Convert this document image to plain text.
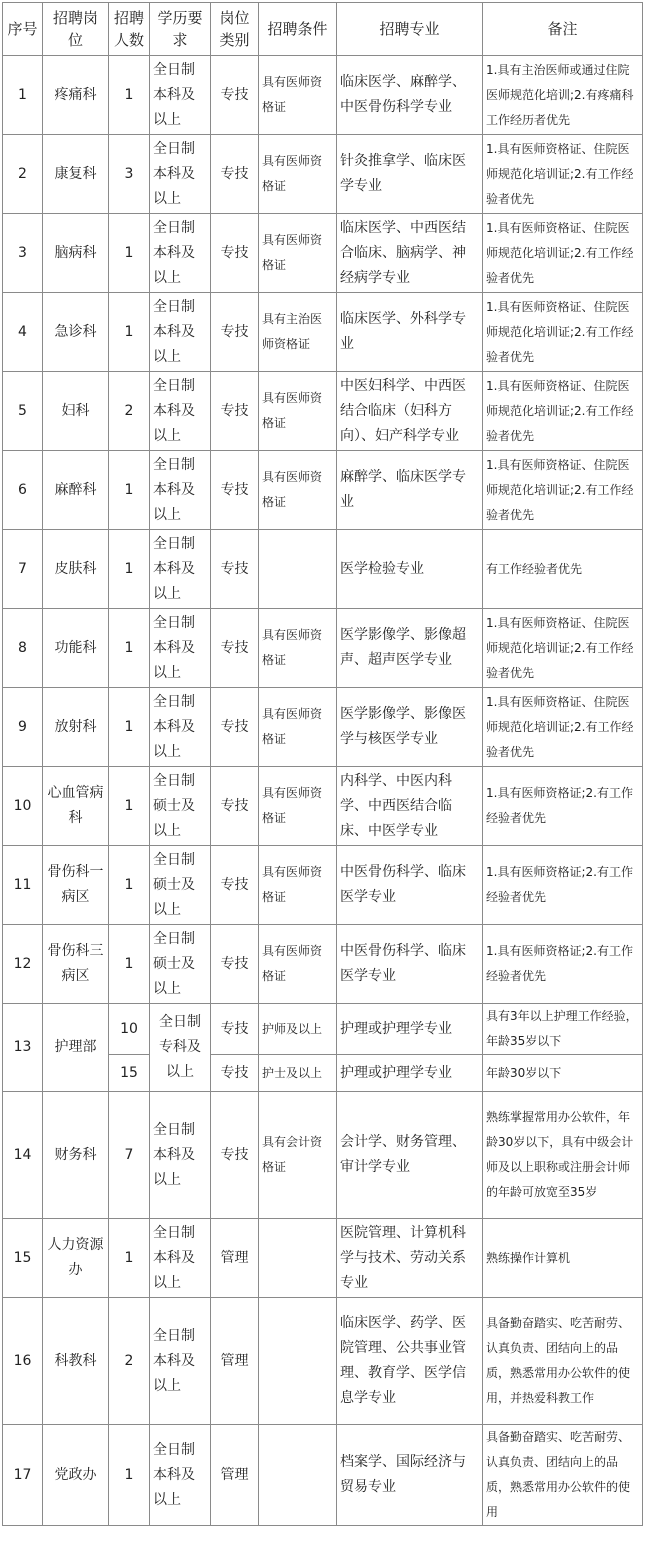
序号	招聘岗位	招聘人数	学历要求	岗位类别	招聘条件	招聘专业	备注
1	疼痛科	1	全日制本科及以上	专技	具有医师资格证	临床医学、麻醉学、中医骨伤科学专业	1.具有主治医师或通过住院医师规范化培训;2.有疼痛科工作经历者优先
2	康复科	3	全日制本科及以上	专技	具有医师资格证	针灸推拿学、临床医学专业	1.具有医师资格证、住院医师规范化培训证;2.有工作经验者优先
3	脑病科	1	全日制本科及以上	专技	具有医师资格证	临床医学、中西医结合临床、脑病学、神经病学专业	1.具有医师资格证、住院医师规范化培训证;2.有工作经验者优先
4	急诊科	1	全日制本科及以上	专技	具有主治医师资格证	临床医学、外科学专业	1.具有医师资格证、住院医师规范化培训证;2.有工作经验者优先
5	妇科	2	全日制本科及以上	专技	具有医师资格证	中医妇科学、中西医结合临床（妇科方向）、妇产科学专业	1.具有医师资格证、住院医师规范化培训证;2.有工作经验者优先
6	麻醉科	1	全日制本科及以上	专技	具有医师资格证	麻醉学、临床医学专业	1.具有医师资格证、住院医师规范化培训证;2.有工作经验者优先
7	皮肤科	1	全日制本科及以上	专技		医学检验专业	有工作经验者优先
8	功能科	1	全日制本科及以上	专技	具有医师资格证	医学影像学、影像超声、超声医学专业	1.具有医师资格证、住院医师规范化培训证;2.有工作经验者优先
9	放射科	1	全日制本科及以上	专技	具有医师资格证	医学影像学、影像医学与核医学专业	1.具有医师资格证、住院医师规范化培训证;2.有工作经验者优先
10	心血管病科	1	全日制硕士及以上	专技	具有医师资格证	内科学、中医内科学、中西医结合临床、中医学专业	1.具有医师资格证;2.有工作经验者优先
11	骨伤科一病区	1	全日制硕士及以上	专技	具有医师资格证	中医骨伤科学、临床医学专业	1.具有医师资格证;2.有工作经验者优先
12	骨伤科三病区	1	全日制硕士及以上	专技	具有医师资格证	中医骨伤科学、临床医学专业	1.具有医师资格证;2.有工作经验者优先
13	护理部	10	全日制专科及以上	专技	护师及以上	护理或护理学专业	具有3年以上护理工作经验，年龄35岁以下
		15		专技	护士及以上	护理或护理学专业	年龄30岁以下
14	财务科	7	全日制本科及以上	专技	具有会计资格证	会计学、财务管理、审计学专业	熟练掌握常用办公软件，年龄30岁以下，具有中级会计师及以上职称或注册会计师的年龄可放宽至35岁
15	人力资源办	1	全日制本科及以上	管理		医院管理、计算机科学与技术、劳动关系专业	熟练操作计算机
16	科教科	2	全日制本科及以上	管理		临床医学、药学、医院管理、公共事业管理、教育学、医学信息学专业	具备勤奋踏实、吃苦耐劳、认真负责、团结向上的品质，熟悉常用办公软件的使用，并热爱科教工作
17	党政办	1	全日制本科及以上	管理		档案学、国际经济与贸易专业	具备勤奋踏实、吃苦耐劳、认真负责、团结向上的品质，熟悉常用办公软件的使用
